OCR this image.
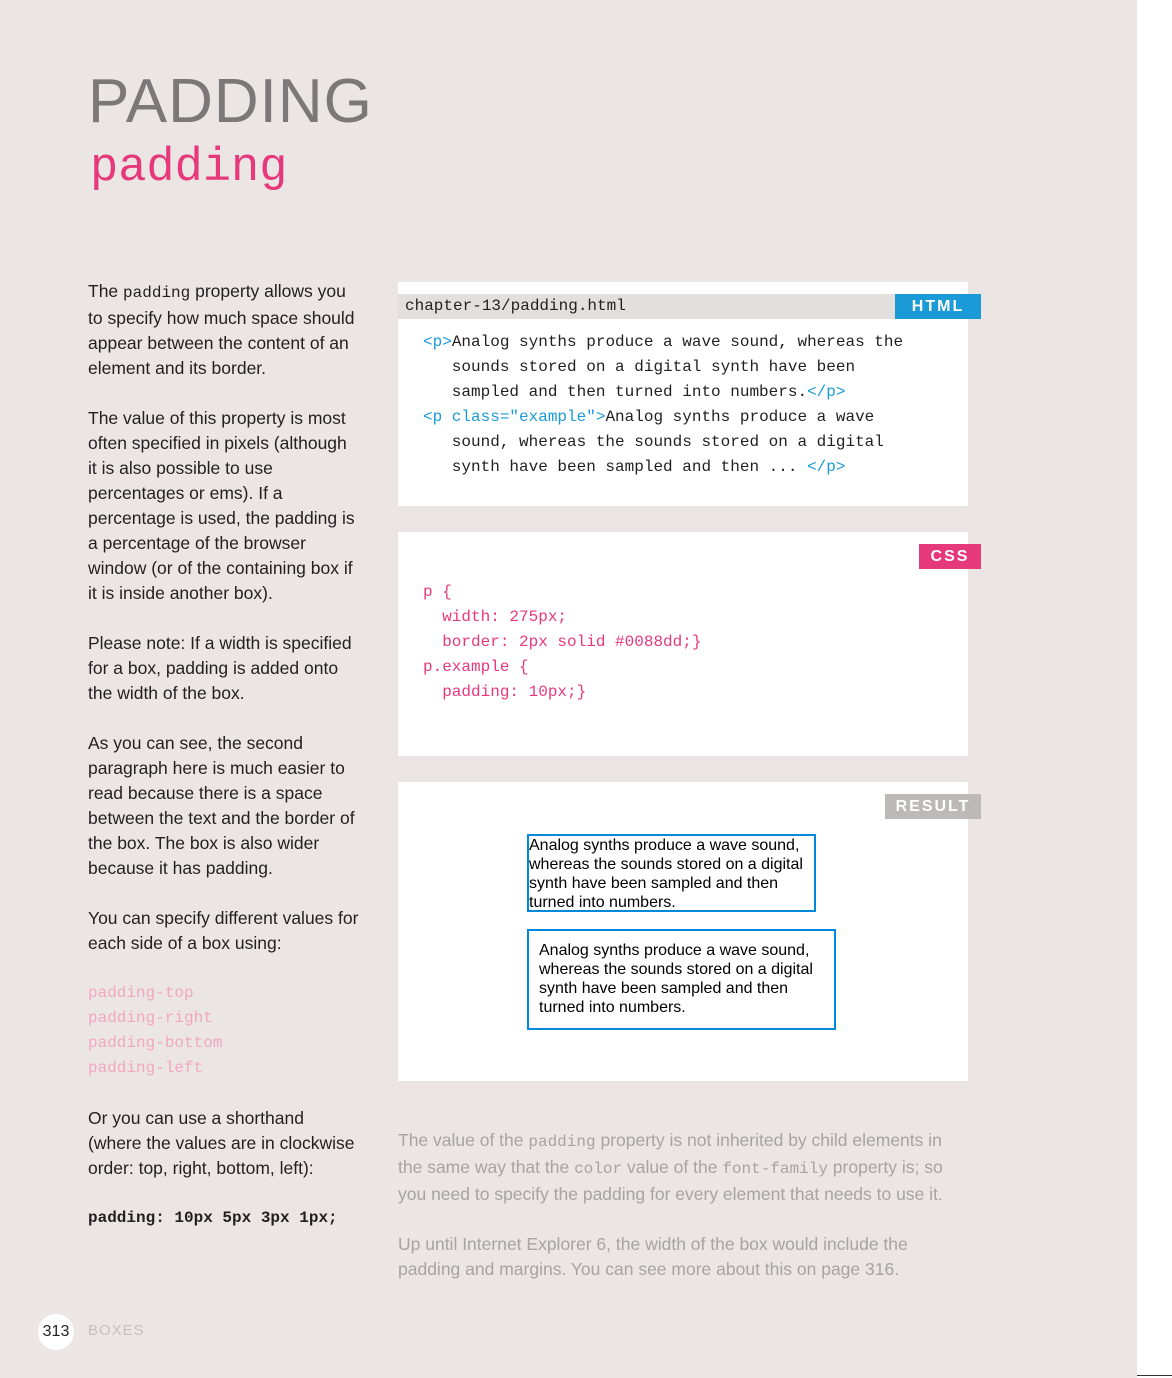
PADDING
padding

The padding property allows you to specify how much space should appear between the content of an element and its border.

The value of this property is most often specified in pixels (although it is also possible to use percentages or ems). If a percentage is used, the padding is a percentage of the browser window (or of the containing box if it is inside another box).

Please note: If a width is specified for a box, padding is added onto the width of the box.

As you can see, the second paragraph here is much easier to read because there is a space between the text and the border of the box. The box is also wider because it has padding.

You can specify different values for each side of a box using:

padding-top
padding-right
padding-bottom
padding-left

Or you can use a shorthand (where the values are in clockwise order: top, right, bottom, left):

padding: 10px 5px 3px 1px;

chapter-13/padding.html	HTML
<p>Analog synths produce a wave sound, whereas the
sounds stored on a digital synth have been
sampled and then turned into numbers.</p>
<p class="example">Analog synths produce a wave
sound, whereas the sounds stored on a digital
synth have been sampled and then ... </p>
CSS
p {
width: 275px;
border: 2px solid #0088dd;}
p.example {
padding: 10px;}
RESULT

Analog synths produce a wave sound, whereas the sounds stored on a digital synth have been sampled and then turned into numbers.

Analog synths produce a wave sound, whereas the sounds stored on a digital synth have been sampled and then turned into numbers.

The value of the padding property is not inherited by child elements in the same way that the color value of the font-family property is; so you need to specify the padding for every element that needs to use it.

Up until Internet Explorer 6, the width of the box would include the padding and margins. You can see more about this on page 316.

313	BOXES
